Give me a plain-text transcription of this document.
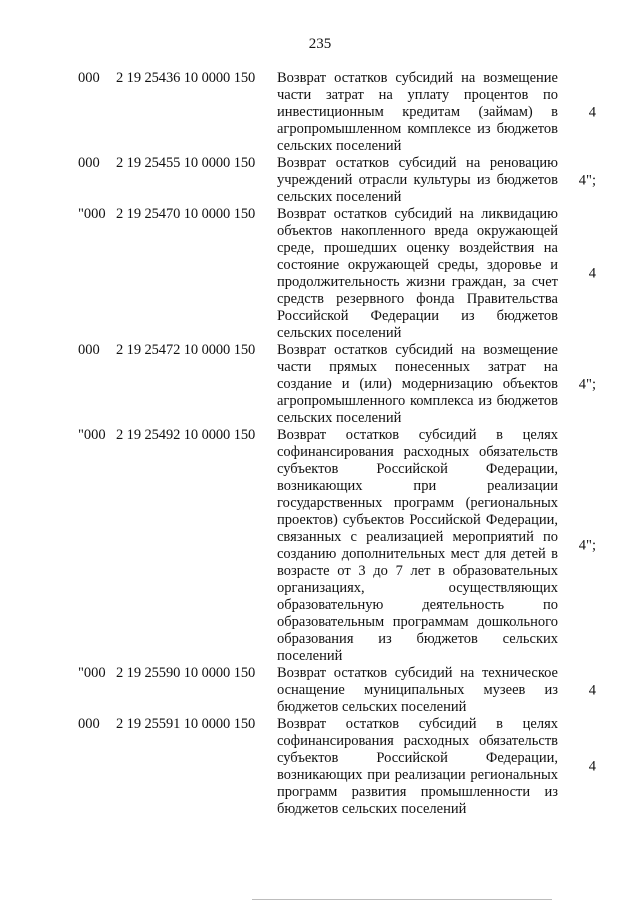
235
000 2 19 25436 10 0000 150 Возврат остатков субсидий на возмещение части затрат на уплату процентов по инвестиционным кредитам (займам) в агропромышленном комплексе из бюджетов сельских поселений
4
000 2 19 25455 10 0000 150 Возврат остатков субсидий на реновацию учреждений отрасли культуры из бюджетов сельских поселений
4";
"000 2 19 25470 10 0000 150 Возврат остатков субсидий на ликвидацию объектов накопленного вреда окружающей среде, прошедших оценку воздействия на состояние окружающей среды, здоровье и продолжительность жизни граждан, за счет средств резервного фонда Правительства Российской Федерации из бюджетов сельских поселений
4
000 2 19 25472 10 0000 150 Возврат остатков субсидий на возмещение части прямых понесенных затрат на создание и (или) модернизацию объектов агропромышленного комплекса из бюджетов сельских поселений
4";
"000 2 19 25492 10 0000 150 Возврат остатков субсидий в целях софинансирования расходных обязательств субъектов Российской Федерации, возникающих при реализации государственных программ (региональных проектов) субъектов Российской Федерации, связанных с реализацией мероприятий по созданию дополнительных мест для детей в возрасте от 3 до 7 лет в образовательных организациях, осуществляющих образовательную деятельность по образовательным программам дошкольного образования из бюджетов сельских поселений
4";
"000 2 19 25590 10 0000 150 Возврат остатков субсидий на техническое оснащение муниципальных музеев из бюджетов сельских поселений
4
000 2 19 25591 10 0000 150 Возврат остатков субсидий в целях софинансирования расходных обязательств субъектов Российской Федерации, возникающих при реализации региональных программ развития промышленности из бюджетов сельских поселений
4
